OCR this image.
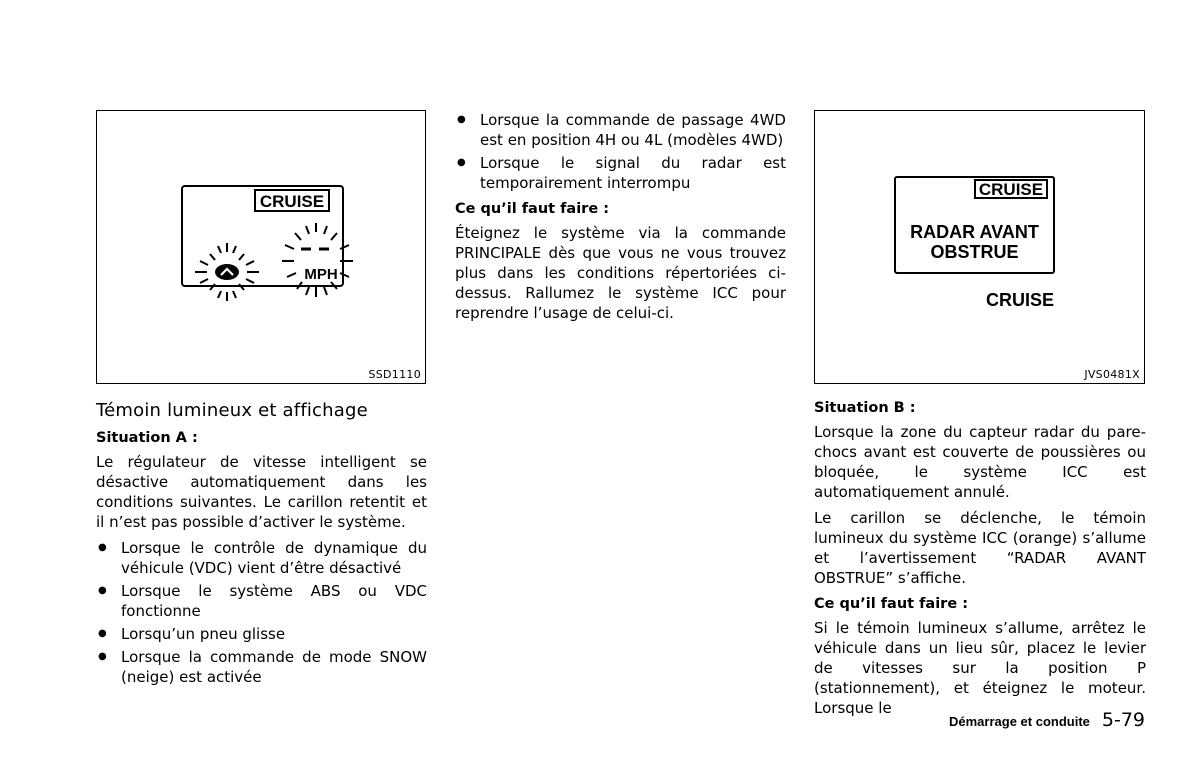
CRUISE
MPH
SSD1110
CRUISE
RADAR AVANT
OBSTRUE
CRUISE
JVS0481X
Témoin lumineux et affichage
Situation A :

Le régulateur de vitesse intelligent se désactive automatiquement dans les conditions suivantes. Le carillon retentit et il n’est pas possible d’activer le système.

● Lorsque le contrôle de dynamique du véhicule (VDC) vient d’être désactivé
● Lorsque le système ABS ou VDC fonctionne
● Lorsqu’un pneu glisse
● Lorsque la commande de mode SNOW (neige) est activée
● Lorsque la commande de passage 4WD est en position 4H ou 4L (modèles 4WD)
● Lorsque le signal du radar est temporairement interrompu
Ce qu’il faut faire :

Éteignez le système via la commande PRINCIPALE dès que vous ne vous trouvez plus dans les conditions répertoriées ci-dessus. Rallumez le système ICC pour reprendre l’usage de celui-ci.

Situation B :

Lorsque la zone du capteur radar du pare-chocs avant est couverte de poussières ou bloquée, le système ICC est automatiquement annulé.

Le carillon se déclenche, le témoin lumineux du système ICC (orange) s’allume et l’avertissement “RADAR AVANT OBSTRUE” s’affiche.

Ce qu’il faut faire :

Si le témoin lumineux s’allume, arrêtez le véhicule dans un lieu sûr, placez le levier de vitesses sur la position P (stationnement), et éteignez le moteur. Lorsque le

Démarrage et conduite 5-79
